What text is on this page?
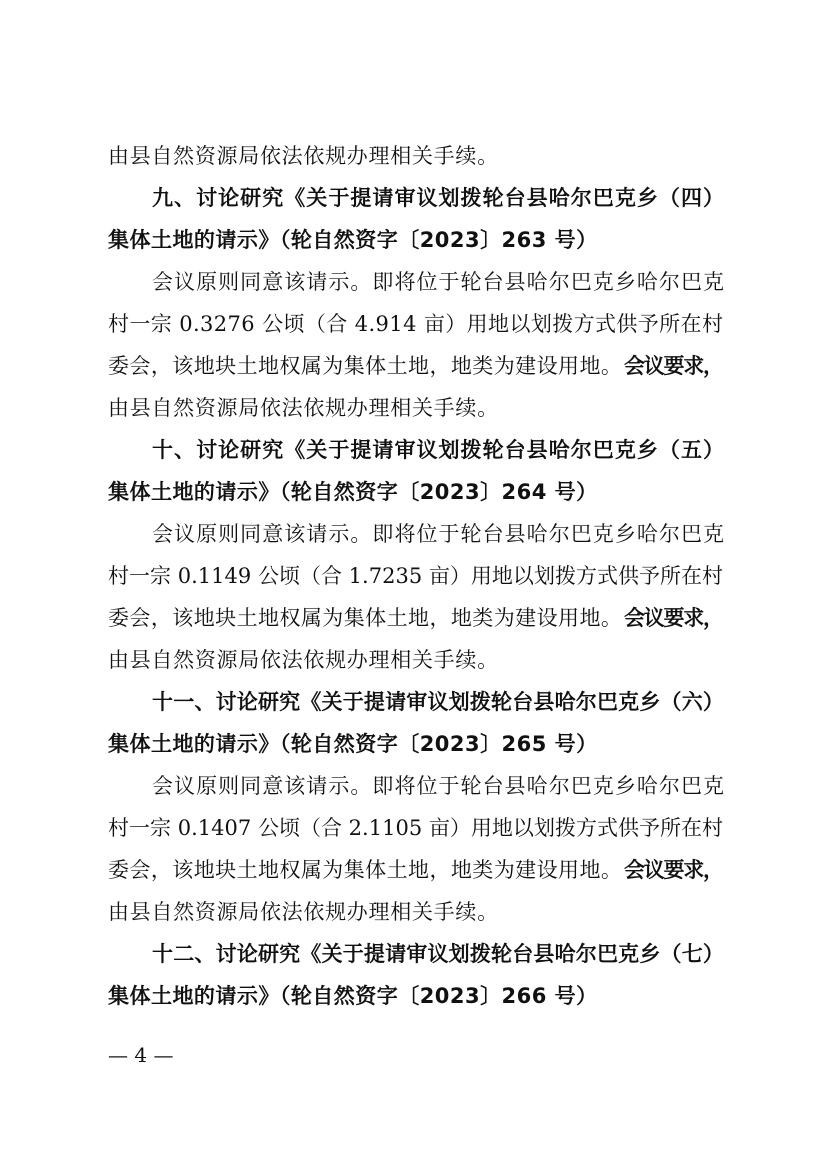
由县自然资源局依法依规办理相关手续。

九、讨论研究《关于提请审议划拨轮台县哈尔巴克乡（四）

集体土地的请示》（轮自然资字〔2023〕263 号）

会议原则同意该请示。即将位于轮台县哈尔巴克乡哈尔巴克

村一宗 0.3276 公顷（合 4.914 亩）用地以划拨方式供予所在村

委会，该地块土地权属为集体土地，地类为建设用地。 会议要求，

由县自然资源局依法依规办理相关手续。

十、讨论研究《关于提请审议划拨轮台县哈尔巴克乡（五）

集体土地的请示》（轮自然资字〔2023〕264 号）

会议原则同意该请示。即将位于轮台县哈尔巴克乡哈尔巴克

村一宗 0.1149 公顷（合 1.7235 亩）用地以划拨方式供予所在村

委会，该地块土地权属为集体土地，地类为建设用地。 会议要求，

由县自然资源局依法依规办理相关手续。

十一、讨论研究《关于提请审议划拨轮台县哈尔巴克乡（六）

集体土地的请示》（轮自然资字〔2023〕265 号）

会议原则同意该请示。即将位于轮台县哈尔巴克乡哈尔巴克

村一宗 0.1407 公顷（合 2.1105 亩）用地以划拨方式供予所在村

委会，该地块土地权属为集体土地，地类为建设用地。 会议要求，

由县自然资源局依法依规办理相关手续。

十二、讨论研究《关于提请审议划拨轮台县哈尔巴克乡（七）

集体土地的请示》（轮自然资字〔2023〕266 号）

— 4 —
